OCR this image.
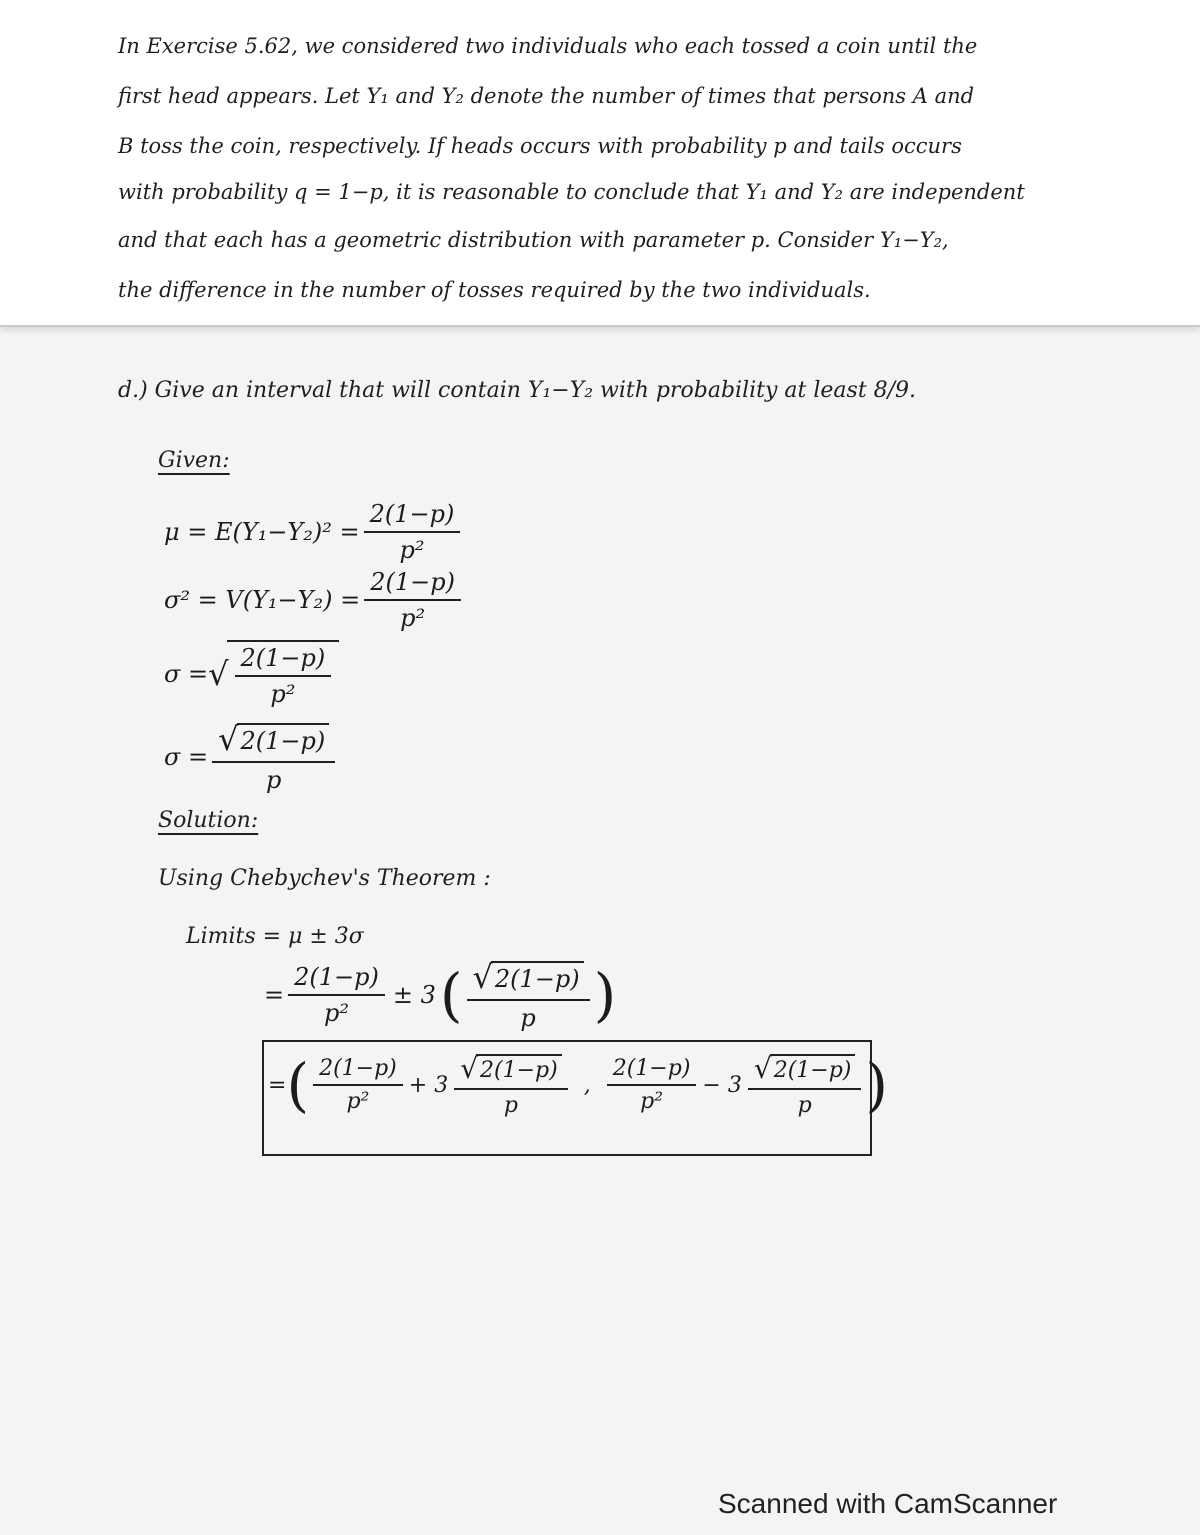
In Exercise 5.62, we considered two individuals who each tossed a coin until the
first head appears. Let Y₁ and Y₂ denote the number of times that persons A and
B toss the coin, respectively. If heads occurs with probability p and tails occurs
with probability q = 1−p, it is reasonable to conclude that Y₁ and Y₂ are independent
and that each has a geometric distribution with parameter p. Consider Y₁−Y₂,
the difference in the number of tosses required by the two individuals.
d.) Give an interval that will contain Y₁−Y₂ with probability at least 8/9.
Given:
$\mu = E(Y_1-Y_2)^2 = \frac{2(1-p)}{\text{p²}}$
$\sigma^2 = V(Y_1-Y_2) = \frac{2(1-p)}{\text{p²}}$
σ = √ $\frac{2(1-p)}{\text{p²}}$
$\sigma = \frac{√ 2(1-p)}{p}$
Solution:
Using Chebychev's Theorem :
Limits = μ ± 3σ
= $\frac{2(1-p)}{\text{p²}} \pm 3$ ( $\frac{√ 2(1-p)}{p}$ )
= ( $\frac{2(1-p)}{\text{p²}} + 3 \frac{√ 2(1-p)}{p}$ , $\frac{2(1-p)}{\text{p²}} - 3 \frac{√ 2(1-p)}{p}$ )
Scanned with CamScanner
